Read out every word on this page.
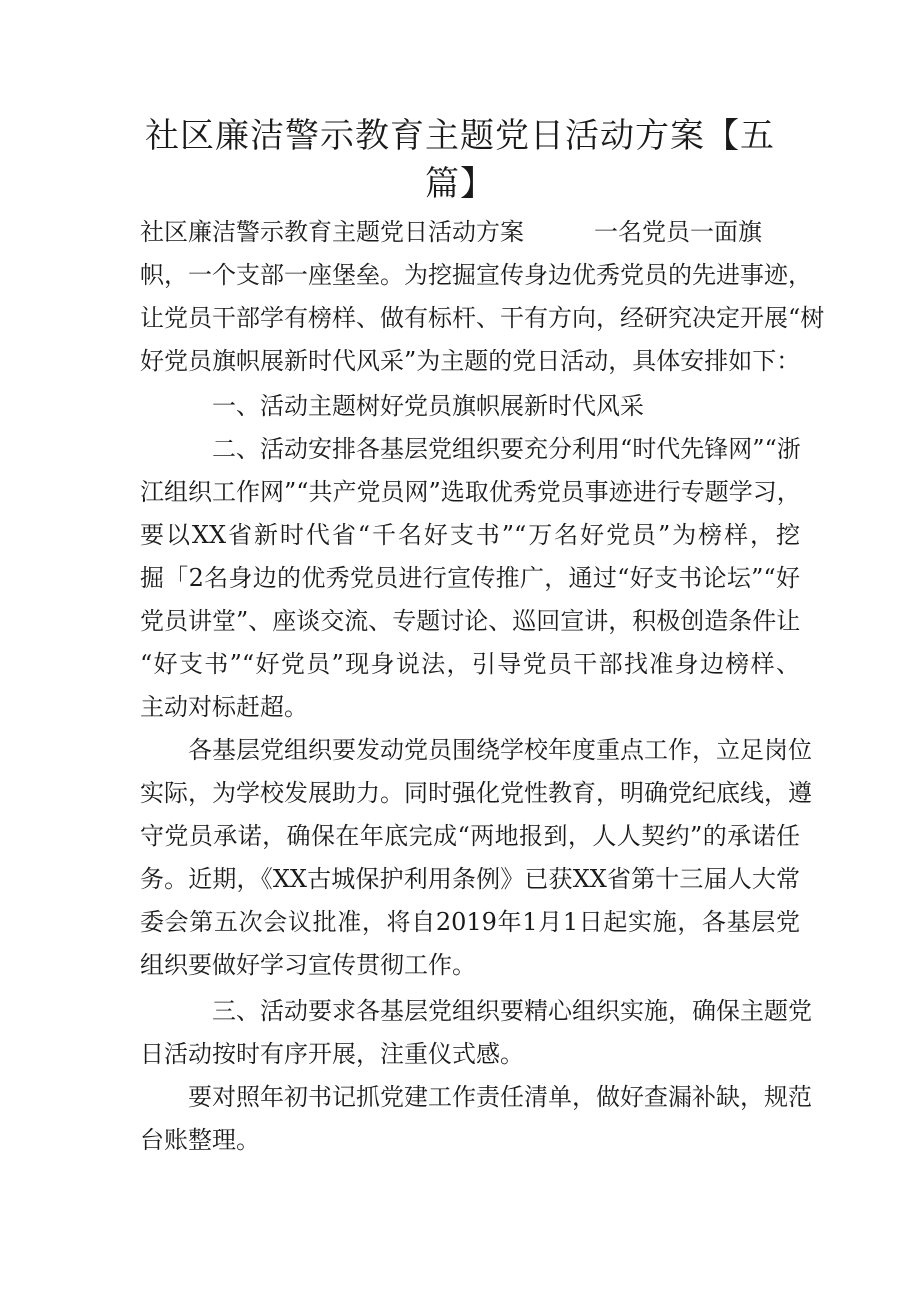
社区廉洁警示教育主题党日活动方案【五
篇】

社区廉洁警示教育主题党日活动方案	一名党员一面旗

帜，一个支部一座堡垒。为挖掘宣传身边优秀党员的先进事迹，

让党员干部学有榜样、做有标杆、干有方向，经研究决定开展“树

好党员旗帜展新时代风采”为主题的党日活动，具体安排如下：

一、活动主题树好党员旗帜展新时代风采

二、活动安排各基层党组织要充分利用“时代先锋网”“浙

江组织工作网”“共产党员网”选取优秀党员事迹进行专题学习，

要以XX省新时代省“千名好支书”“万名好党员”为榜样，挖

掘「2名身边的优秀党员进行宣传推广，通过“好支书论坛”“好

党员讲堂”、座谈交流、专题讨论、巡回宣讲，积极创造条件让

“好支书”“好党员”现身说法，引导党员干部找准身边榜样、

主动对标赶超。

各基层党组织要发动党员围绕学校年度重点工作，立足岗位

实际，为学校发展助力。同时强化党性教育，明确党纪底线，遵

守党员承诺，确保在年底完成“两地报到，人人契约”的承诺任

务。近期，《XX古城保护利用条例》已获XX省第十三届人大常

委会第五次会议批准，将自2019年1月1日起实施，各基层党

组织要做好学习宣传贯彻工作。

三、活动要求各基层党组织要精心组织实施，确保主题党

日活动按时有序开展，注重仪式感。

要对照年初书记抓党建工作责任清单，做好查漏补缺，规范

台账整理。
